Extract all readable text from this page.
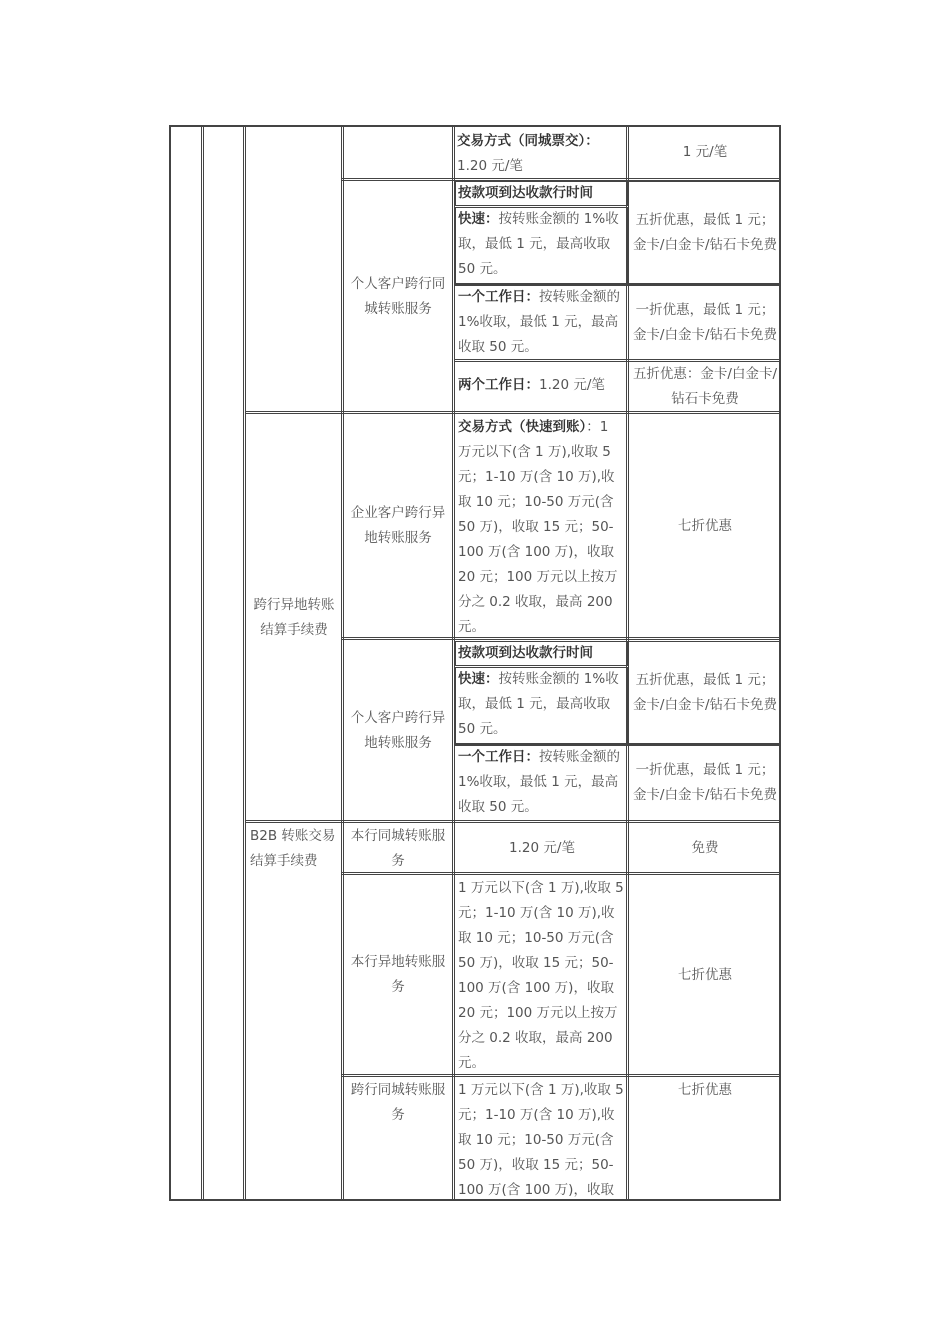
交易方式（同城票交）：
1.20 元/笔
1 元/笔
个人客户跨行同城转账服务
按款项到达收款行时间
快速：按转账金额的 1%收取，最低 1 元，最高收取 50 元。
五折优惠，最低 1 元；金卡/白金卡/钻石卡免费
一个工作日：按转账金额的 1%收取，最低 1 元，最高收取 50 元。
一折优惠，最低 1 元；金卡/白金卡/钻石卡免费
两个工作日：1.20 元/笔
五折优惠：金卡/白金卡/钻石卡免费
跨行异地转账结算手续费
企业客户跨行异地转账服务
交易方式（快速到账）：1 万元以下(含 1 万),收取 5 元；1-10 万(含 10 万),收取 10 元；10-50 万元(含 50 万)，收取 15 元；50-100 万(含 100 万)，收取 20 元；100 万元以上按万分之 0.2 收取，最高 200 元。
七折优惠
个人客户跨行异地转账服务
按款项到达收款行时间
快速：按转账金额的 1%收取，最低 1 元，最高收取 50 元。
五折优惠，最低 1 元；金卡/白金卡/钻石卡免费
一个工作日：按转账金额的 1%收取，最低 1 元，最高收取 50 元。
一折优惠，最低 1 元；金卡/白金卡/钻石卡免费
B2B 转账交易结算手续费
本行同城转账服务
1.20 元/笔	免费
本行异地转账服务
1 万元以下(含 1 万),收取 5 元；1-10 万(含 10 万),收取 10 元；10-50 万元(含 50 万)，收取 15 元；50-100 万(含 100 万)，收取 20 元；100 万元以上按万分之 0.2 收取，最高 200 元。
七折优惠
跨行同城转账服务
1 万元以下(含 1 万),收取 5 元；1-10 万(含 10 万),收取 10 元；10-50 万元(含 50 万)，收取 15 元；50-100 万(含 100 万)，收取
七折优惠
